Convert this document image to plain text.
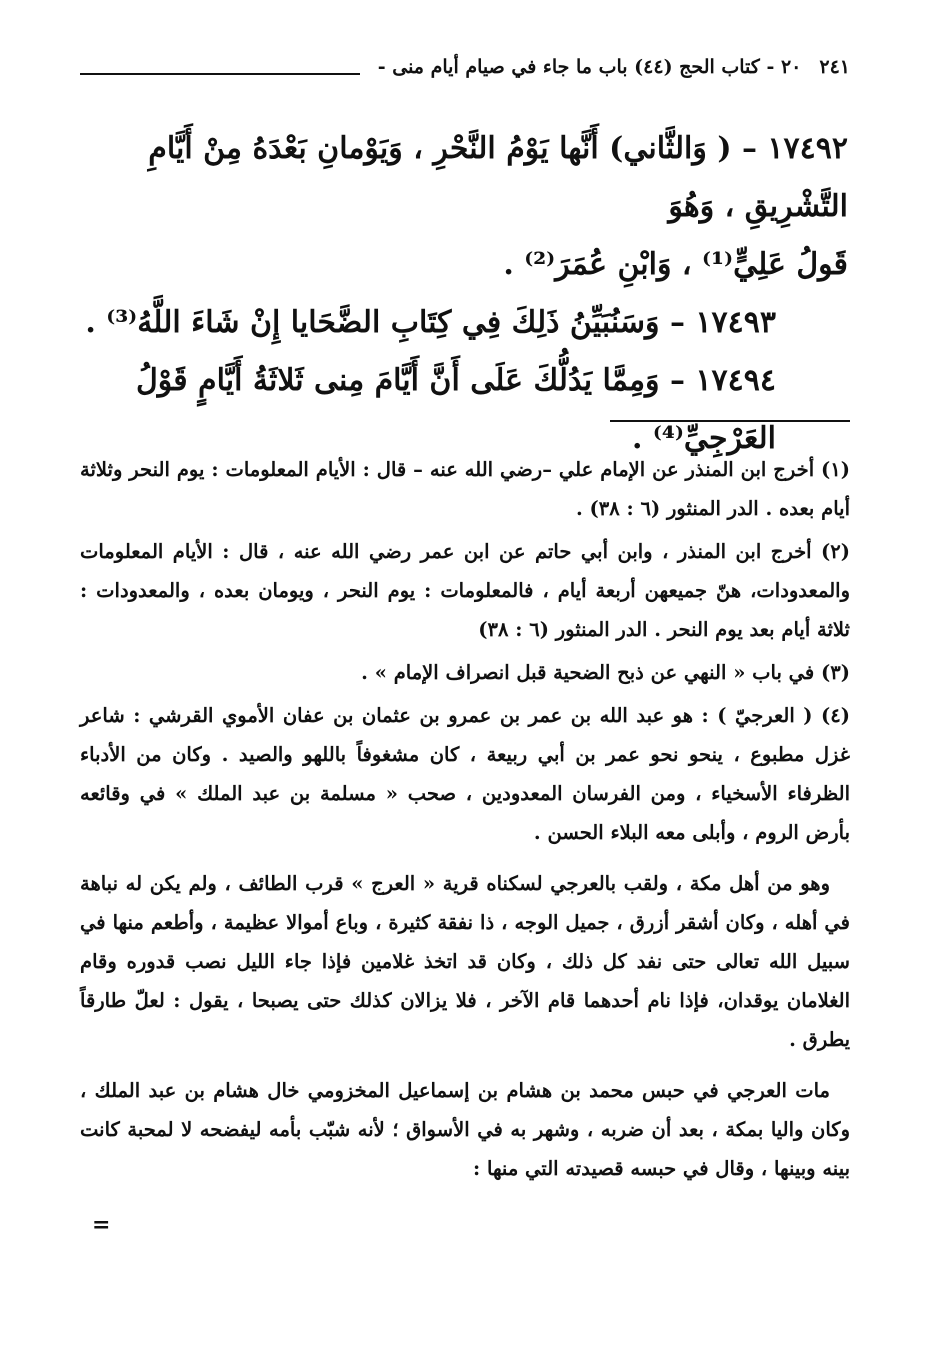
٢٤١
٢٠ - كتاب الحج (٤٤) باب ما جاء في صيام أيام منى -

١٧٤٩٢ – ( وَالثَّاني) أَنَّها يَوْمُ النَّحْرِ ، وَيَوْمانِ بَعْدَهُ مِنْ أَيَّامِ التَّشْرِيقِ ، وَهُوَ

قَولُ عَلِيٍّ⁽¹⁾ ، وَابْنِ عُمَرَ⁽²⁾ .

١٧٤٩٣ – وَسَنُبَيِّنُ ذَلِكَ فِي كِتَابِ الضَّحَايا إِنْ شَاءَ اللَّهُ⁽³⁾ .

١٧٤٩٤ – وَمِمَّا يَدُلُّكَ عَلَى أَنَّ أَيَّامَ مِنى ثَلاثَةُ أَيَّامٍ قَوْلُ العَرْجِيِّ⁽⁴⁾ .

(١) أخرج ابن المنذر عن الإمام علي –رضي الله عنه – قال : الأيام المعلومات : يوم النحر وثلاثة أيام بعده . الدر المنثور (٦ : ٣٨) .

(٢) أخرج ابن المنذر ، وابن أبي حاتم عن ابن عمر رضي الله عنه ، قال : الأيام المعلومات والمعدودات، هنّ جميعهن أربعة أيام ، فالمعلومات : يوم النحر ، ويومان بعده ، والمعدودات : ثلاثة أيام بعد يوم النحر . الدر المنثور (٦ : ٣٨)

(٣) في باب « النهي عن ذبح الضحية قبل انصراف الإمام » .

(٤) ( العرجيّ ) : هو عبد الله بن عمر بن عمرو بن عثمان بن عفان الأموي القرشي : شاعر غزل مطبوع ، ينحو نحو عمر بن أبي ربيعة ، كان مشغوفاً باللهو والصيد . وكان من الأدباء الظرفاء الأسخياء ، ومن الفرسان المعدودين ، صحب « مسلمة بن عبد الملك » في وقائعه بأرض الروم ، وأبلى معه البلاء الحسن .

وهو من أهل مكة ، ولقب بالعرجي لسكناه قرية « العرج » قرب الطائف ، ولم يكن له نباهة في أهله ، وكان أشقر أزرق ، جميل الوجه ، ذا نفقة كثيرة ، وباع أموالا عظيمة ، وأطعم منها في سبيل الله تعالى حتى نفد كل ذلك ، وكان قد اتخذ غلامين فإذا جاء الليل نصب قدوره وقام الغلامان يوقدان، فإذا نام أحدهما قام الآخر ، فلا يزالان كذلك حتى يصبحا ، يقول : لعلّ طارقاً يطرق .

مات العرجي في حبس محمد بن هشام بن إسماعيل المخزومي خال هشام بن عبد الملك ، وكان واليا بمكة ، بعد أن ضربه ، وشهر به في الأسواق ؛ لأنه شبّب بأمه ليفضحه لا لمحبة كانت بينه وبينها ، وقال في حبسه قصيدته التي منها :

=
